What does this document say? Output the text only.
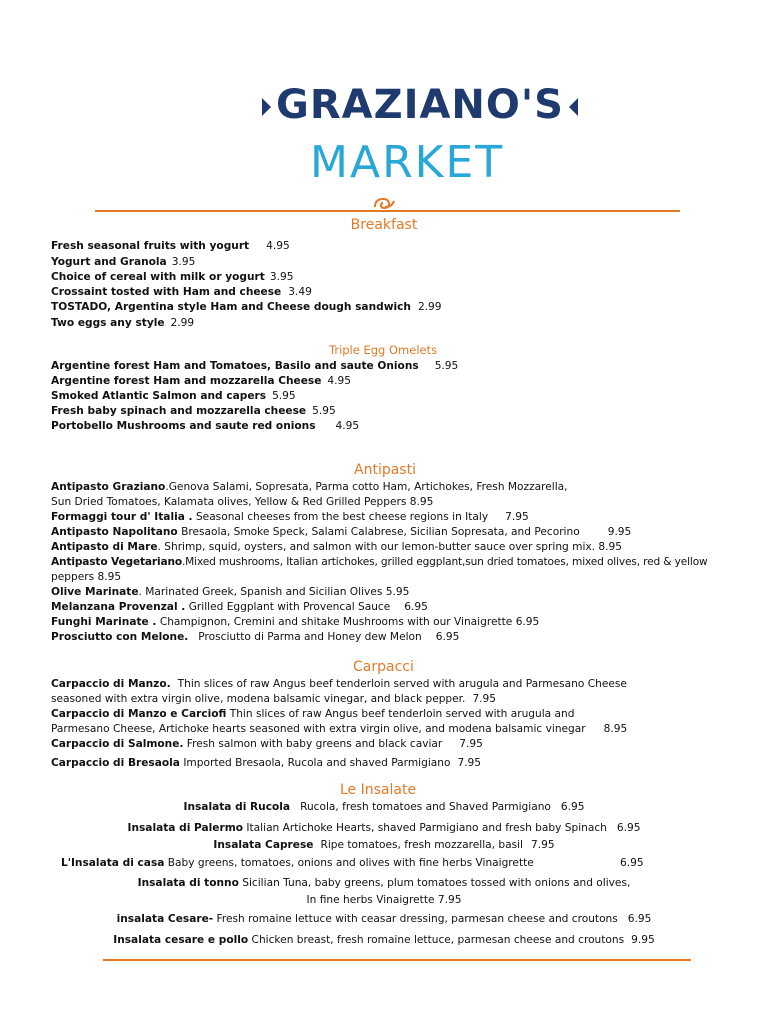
GRAZIANO'S
MARKET
Breakfast
Fresh seasonal fruits with yogurt 4.95
Yogurt and Granola 3.95
Choice of cereal with milk or yogurt 3.95
Crossaint tosted with Ham and cheese 3.49
TOSTADO, Argentina style Ham and Cheese dough sandwich 2.99
Two eggs any style 2.99
Triple Egg Omelets
Argentine forest Ham and Tomatoes, Basilo and saute Onions 5.95
Argentine forest Ham and mozzarella Cheese 4.95
Smoked Atlantic Salmon and capers 5.95
Fresh baby spinach and mozzarella cheese 5.95
Portobello Mushrooms and saute red onions 4.95
Antipasti
Antipasto Graziano.Genova Salami, Sopresata, Parma cotto Ham, Artichokes, Fresh Mozzarella,
Sun Dried Tomatoes, Kalamata olives, Yellow & Red Grilled Peppers 8.95
Formaggi tour d' Italia . Seasonal cheeses from the best cheese regions in Italy 7.95
Antipasto Napolitano Bresaola, Smoke Speck, Salami Calabrese, Sicilian Sopresata, and Pecorino	9.95
Antipasto di Mare. Shrimp, squid, oysters, and salmon with our lemon-butter sauce over spring mix. 8.95
Antipasto Vegetariano.Mixed mushrooms, Italian artichokes, grilled eggplant,sun dried tomatoes, mixed olives, red & yellow
peppers 8.95
Olive Marinate. Marinated Greek, Spanish and Sicilian Olives 5.95
Melanzana Provenzal . Grilled Eggplant with Provencal Sauce 6.95
Funghi Marinate . Champignon, Cremini and shitake Mushrooms with our Vinaigrette 6.95
Prosciutto con Melone. Prosciutto di Parma and Honey dew Melon 6.95
Carpacci
Carpaccio di Manzo. Thin slices of raw Angus beef tenderloin served with arugula and Parmesano Cheese
seasoned with extra virgin olive, modena balsamic vinegar, and black pepper. 7.95
Carpaccio di Manzo e Carciofi Thin slices of raw Angus beef tenderloin served with arugula and
Parmesano Cheese, Artichoke hearts seasoned with extra virgin olive, and modena balsamic vinegar 8.95
Carpaccio di Salmone. Fresh salmon with baby greens and black caviar 7.95
Carpaccio di Bresaola Imported Bresaola, Rucola and shaved Parmigiano 7.95
Le Insalate
Insalata di Rucola Rucola, fresh tomatoes and Shaved Parmigiano 6.95
Insalata di Palermo Italian Artichoke Hearts, shaved Parmigiano and fresh baby Spinach 6.95
Insalata Caprese Ripe tomatoes, fresh mozzarella, basil 7.95
L'Insalata di casa Baby greens, tomatoes, onions and olives with fine herbs Vinaigrette	6.95
Insalata di tonno Sicilian Tuna, baby greens, plum tomatoes tossed with onions and olives,
In fine herbs Vinaigrette 7.95
insalata Cesare- Fresh romaine lettuce with ceasar dressing, parmesan cheese and croutons 6.95
Insalata cesare e pollo Chicken breast, fresh romaine lettuce, parmesan cheese and croutons 9.95
